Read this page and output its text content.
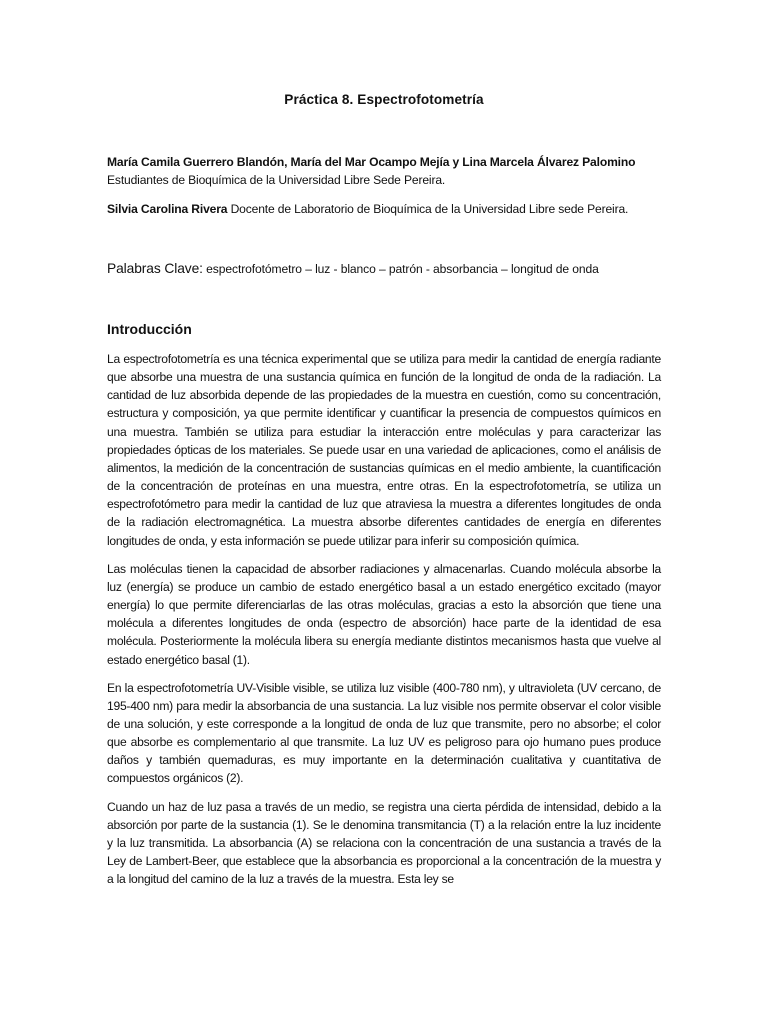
Práctica 8. Espectrofotometría
María Camila Guerrero Blandón, María del Mar Ocampo Mejía y Lina Marcela Álvarez Palomino
Estudiantes de Bioquímica de la Universidad Libre Sede Pereira.
Silvia Carolina Rivera Docente de Laboratorio de Bioquímica de la Universidad Libre sede Pereira.
Palabras Clave: espectrofotómetro – luz - blanco – patrón - absorbancia – longitud de onda
Introducción

La espectrofotometría es una técnica experimental que se utiliza para medir la cantidad de energía radiante que absorbe una muestra de una sustancia química en función de la longitud de onda de la radiación. La cantidad de luz absorbida depende de las propiedades de la muestra en cuestión, como su concentración, estructura y composición, ya que permite identificar y cuantificar la presencia de compuestos químicos en una muestra. También se utiliza para estudiar la interacción entre moléculas y para caracterizar las propiedades ópticas de los materiales. Se puede usar en una variedad de aplicaciones, como el análisis de alimentos, la medición de la concentración de sustancias químicas en el medio ambiente, la cuantificación de la concentración de proteínas en una muestra, entre otras. En la espectrofotometría, se utiliza un espectrofotómetro para medir la cantidad de luz que atraviesa la muestra a diferentes longitudes de onda de la radiación electromagnética. La muestra absorbe diferentes cantidades de energía en diferentes longitudes de onda, y esta información se puede utilizar para inferir su composición química.

Las moléculas tienen la capacidad de absorber radiaciones y almacenarlas. Cuando molécula absorbe la luz (energía) se produce un cambio de estado energético basal a un estado energético excitado (mayor energía) lo que permite diferenciarlas de las otras moléculas, gracias a esto la absorción que tiene una molécula a diferentes longitudes de onda (espectro de absorción) hace parte de la identidad de esa molécula. Posteriormente la molécula libera su energía mediante distintos mecanismos hasta que vuelve al estado energético basal (1).

En la espectrofotometría UV-Visible visible, se utiliza luz visible (400-780 nm), y ultravioleta (UV cercano, de 195-400 nm) para medir la absorbancia de una sustancia. La luz visible nos permite observar el color visible de una solución, y este corresponde a la longitud de onda de luz que transmite, pero no absorbe; el color que absorbe es complementario al que transmite. La luz UV es peligroso para ojo humano pues produce daños y también quemaduras, es muy importante en la determinación cualitativa y cuantitativa de compuestos orgánicos (2).

Cuando un haz de luz pasa a través de un medio, se registra una cierta pérdida de intensidad, debido a la absorción por parte de la sustancia (1). Se le denomina transmitancia (T) a la relación entre la luz incidente y la luz transmitida. La absorbancia (A) se relaciona con la concentración de una sustancia a través de la Ley de Lambert-Beer, que establece que la absorbancia es proporcional a la concentración de la muestra y a la longitud del camino de la luz a través de la muestra. Esta ley se
